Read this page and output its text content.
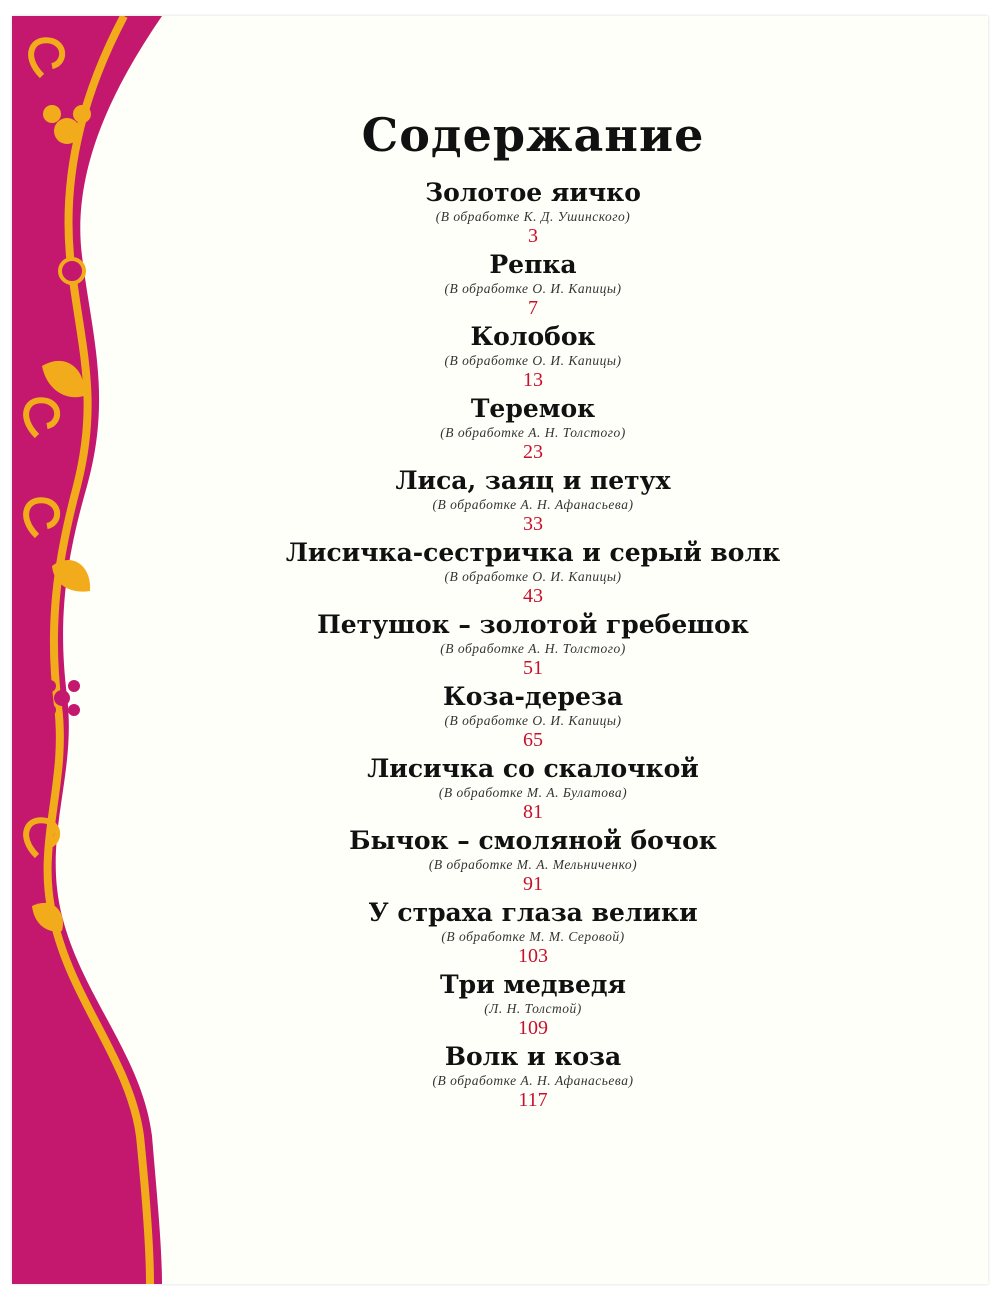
Содержание
Золотое яичко
(В обработке К. Д. Ушинского)
3
Репка
(В обработке О. И. Капицы)
7
Колобок
(В обработке О. И. Капицы)
13
Теремок
(В обработке А. Н. Толстого)
23
Лиса, заяц и петух
(В обработке А. Н. Афанасьева)
33
Лисичка-сестричка и серый волк
(В обработке О. И. Капицы)
43
Петушок – золотой гребешок
(В обработке А. Н. Толстого)
51
Коза-дереза
(В обработке О. И. Капицы)
65
Лисичка со скалочкой
(В обработке М. А. Булатова)
81
Бычок – смоляной бочок
(В обработке М. А. Мельниченко)
91
У страха глаза велики
(В обработке М. М. Серовой)
103
Три медведя
(Л. Н. Толстой)
109
Волк и коза
(В обработке А. Н. Афанасьева)
117
